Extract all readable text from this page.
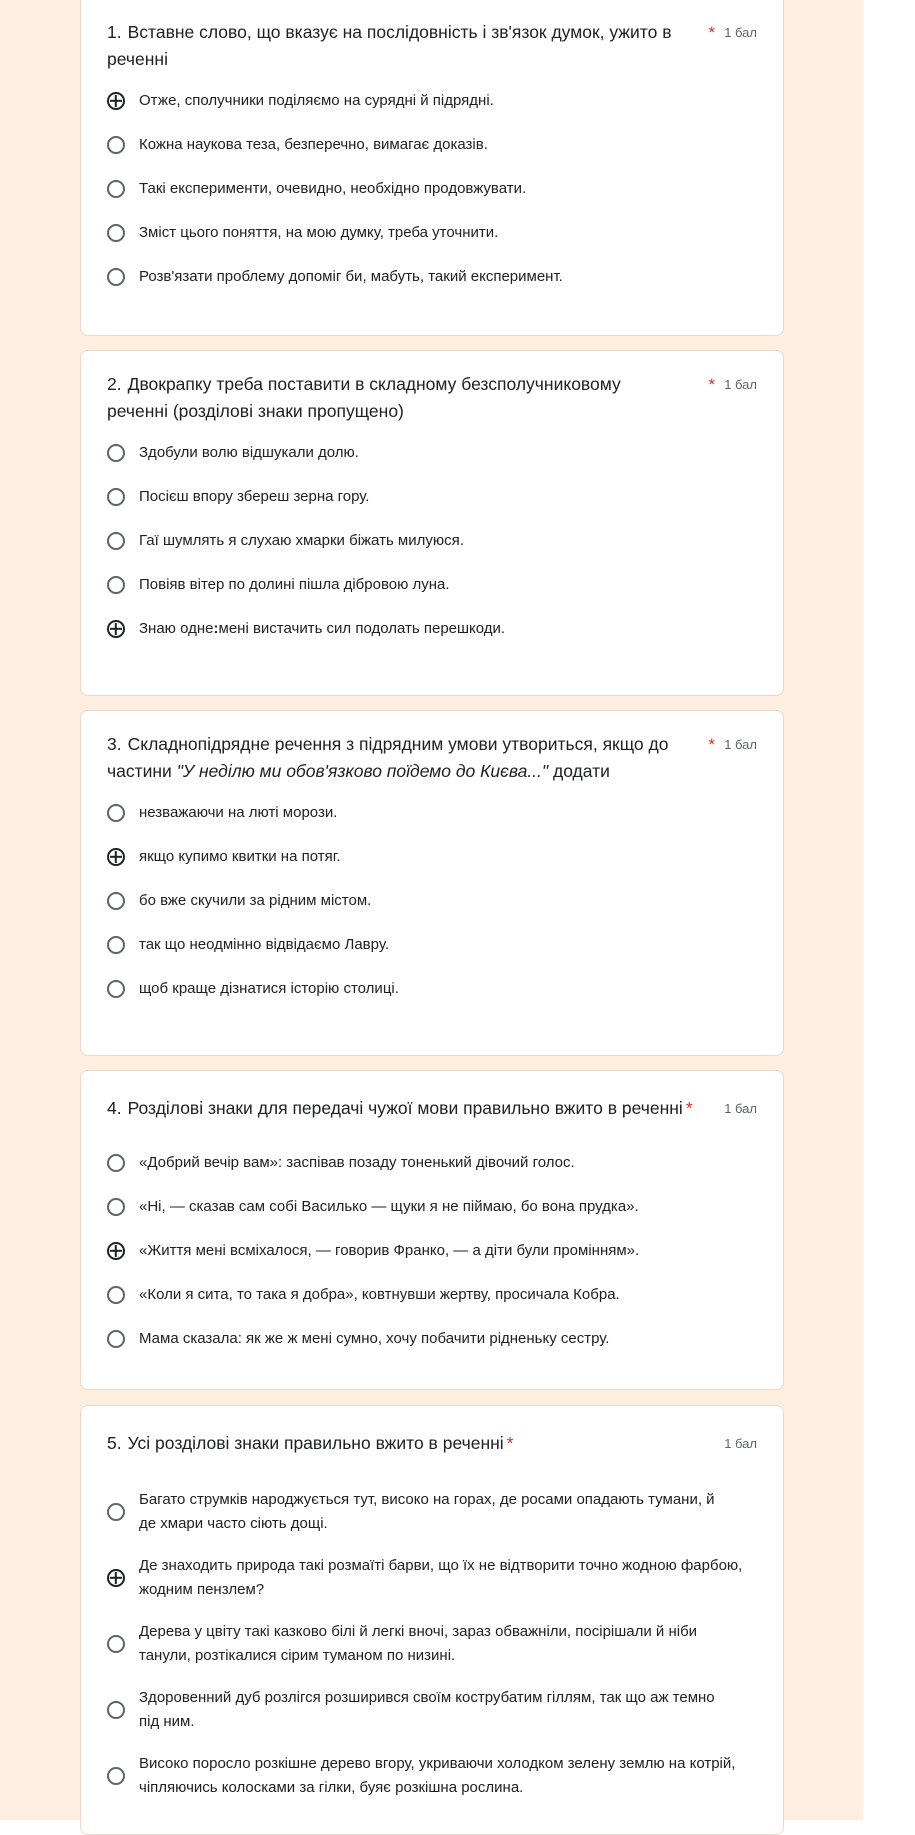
1. Вставне слово, що вказує на послідовність і зв'язок думок, ужито в реченні
* 1 бал
Отже, сполучники поділяємо на сурядні й підрядні.
Кожна наукова теза, безперечно, вимагає доказів.
Такі експерименти, очевидно, необхідно продовжувати.
Зміст цього поняття, на мою думку, треба уточнити.
Розв'язати проблему допоміг би, мабуть, такий експеримент.
2. Двокрапку треба поставити в складному безсполучниковому реченні (розділові знаки пропущено)
* 1 бал
Здобули волю відшукали долю.
Посієш впору збереш зерна гору.
Гаї шумлять я слухаю хмарки біжать милуюся.
Повіяв вітер по долині пішла дібровою луна.
Знаю одне:мені вистачить сил подолать перешкоди.
3. Складнопідрядне речення з підрядним умови утвориться, якщо до частини "У неділю ми обов'язково поїдемо до Києва..." додати
* 1 бал
незважаючи на люті морози.
якщо купимо квитки на потяг.
бо вже скучили за рідним містом.
так що неодмінно відвідаємо Лавру.
щоб краще дізнатися історію столиці.
4. Розділові знаки для передачі чужої мови правильно вжито в реченні *	1 бал
«Добрий вечір вам»: заспівав позаду тоненький дівочий голос.
«Ні, — сказав сам собі Василько — щуки я не піймаю, бо вона прудка».
«Життя мені всміхалося, — говорив Франко, — а діти були промінням».
«Коли я сита, то така я добра», ковтнувши жертву, просичала Кобра.
Мама сказала: як же ж мені сумно, хочу побачити рідненьку сестру.
5. Усі розділові знаки правильно вжито в реченні *	1 бал
Багато струмків народжується тут, високо на горах, де росами опадають тумани, й де хмари часто сіють дощі.
Де знаходить природа такі розмаїті барви, що їх не відтворити точно жодною фарбою, жодним пензлем?
Дерева у цвіту такі казково білі й легкі вночі, зараз обважніли, посірішали й ніби танули, розтікалися сірим туманом по низині.
Здоровенний дуб розлігся розширився своїм кострубатим гіллям, так що аж темно під ним.
Високо поросло розкішне дерево вгору, укриваючи холодком зелену землю на котрій, чіпляючись колосками за гілки, буяє розкішна рослина.
